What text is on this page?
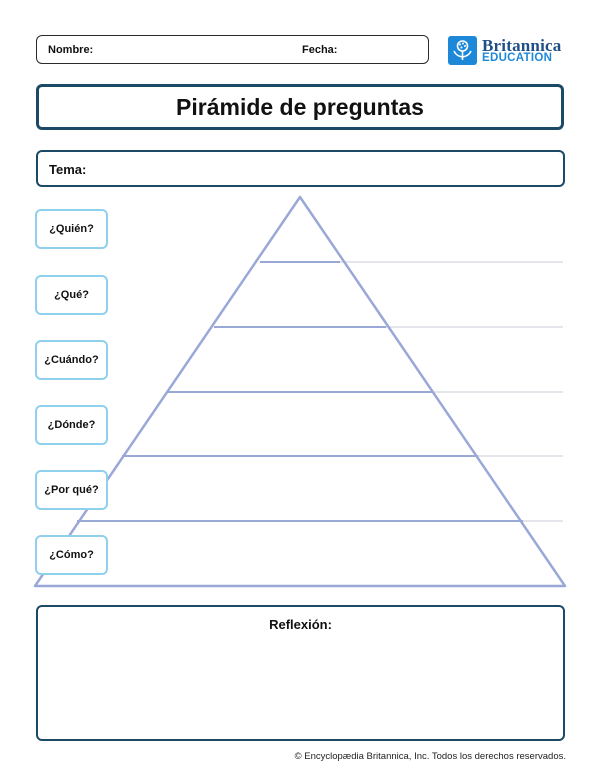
Nombre:	Fecha:	Britannica
EDUCATION
Pirámide de preguntas
Tema:
¿Quién?
¿Qué?
¿Cuándo?
¿Dónde?
¿Por qué?
¿Cómo?
Reflexión:
© Encyclopædia Britannica, Inc. Todos los derechos reservados.
